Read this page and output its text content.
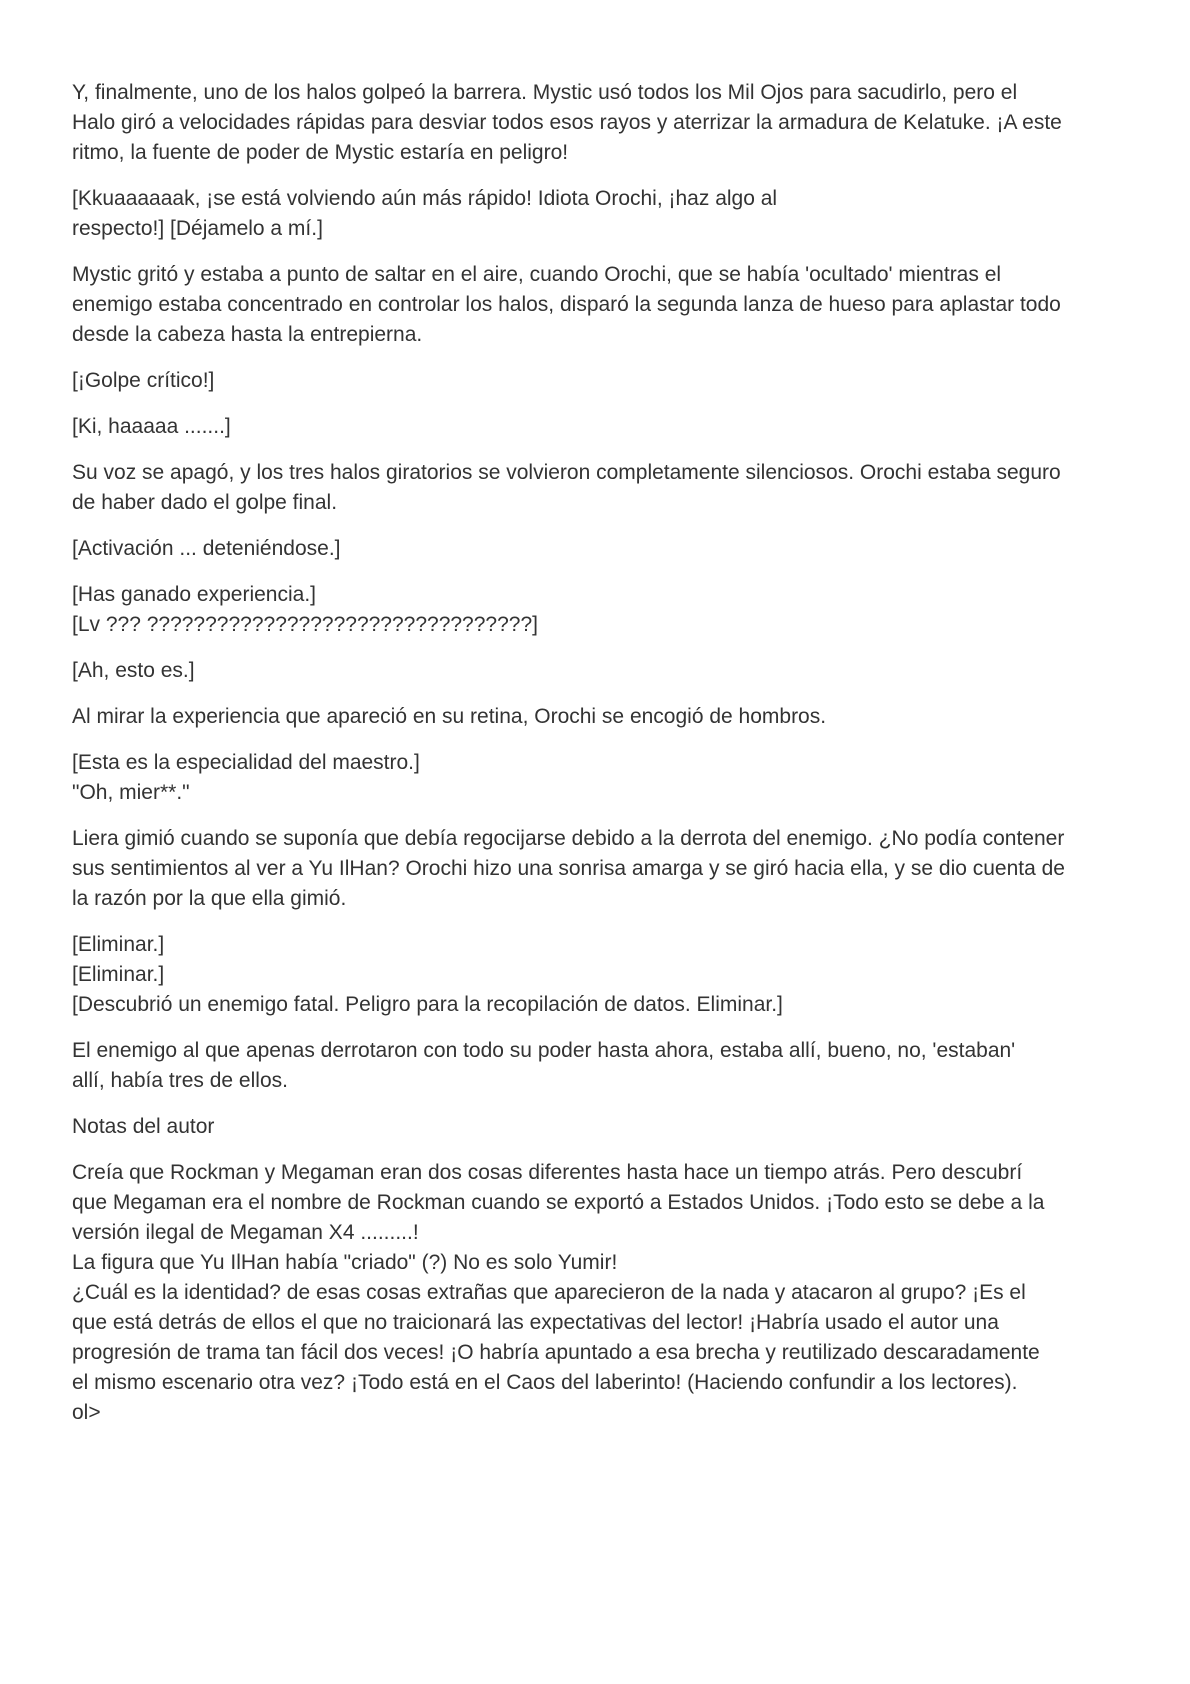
Y, finalmente, uno de los halos golpeó la barrera. Mystic usó todos los Mil Ojos para sacudirlo, pero el
Halo giró a velocidades rápidas para desviar todos esos rayos y aterrizar la armadura de Kelatuke. ¡A este
ritmo, la fuente de poder de Mystic estaría en peligro!
[Kkuaaaaaak, ¡se está volviendo aún más rápido! Idiota Orochi, ¡haz algo al
respecto!] [Déjamelo a mí.]
Mystic gritó y estaba a punto de saltar en el aire, cuando Orochi, que se había 'ocultado' mientras el
enemigo estaba concentrado en controlar los halos, disparó la segunda lanza de hueso para aplastar todo
desde la cabeza hasta la entrepierna.
[¡Golpe crítico!]
[Ki, haaaaa .......]
Su voz se apagó, y los tres halos giratorios se volvieron completamente silenciosos. Orochi estaba seguro
de haber dado el golpe final.
[Activación ... deteniéndose.]
[Has ganado experiencia.]
[Lv ??? ?????????????????????????????????]
[Ah, esto es.]
Al mirar la experiencia que apareció en su retina, Orochi se encogió de hombros.
[Esta es la especialidad del maestro.]
"Oh, mier**."
Liera gimió cuando se suponía que debía regocijarse debido a la derrota del enemigo. ¿No podía contener
sus sentimientos al ver a Yu IlHan? Orochi hizo una sonrisa amarga y se giró hacia ella, y se dio cuenta de
la razón por la que ella gimió.
[Eliminar.]
[Eliminar.]
[Descubrió un enemigo fatal. Peligro para la recopilación de datos. Eliminar.]
El enemigo al que apenas derrotaron con todo su poder hasta ahora, estaba allí, bueno, no, 'estaban'
allí, había tres de ellos.
Notas del autor
Creía que Rockman y Megaman eran dos cosas diferentes hasta hace un tiempo atrás. Pero descubrí
que Megaman era el nombre de Rockman cuando se exportó a Estados Unidos. ¡Todo esto se debe a la
versión ilegal de Megaman X4 .........!
La figura que Yu IlHan había "criado" (?) No es solo Yumir!
¿Cuál es la identidad? de esas cosas extrañas que aparecieron de la nada y atacaron al grupo? ¡Es el
que está detrás de ellos el que no traicionará las expectativas del lector! ¡Habría usado el autor una
progresión de trama tan fácil dos veces! ¡O habría apuntado a esa brecha y reutilizado descaradamente
el mismo escenario otra vez? ¡Todo está en el Caos del laberinto! (Haciendo confundir a los lectores).
ol>
